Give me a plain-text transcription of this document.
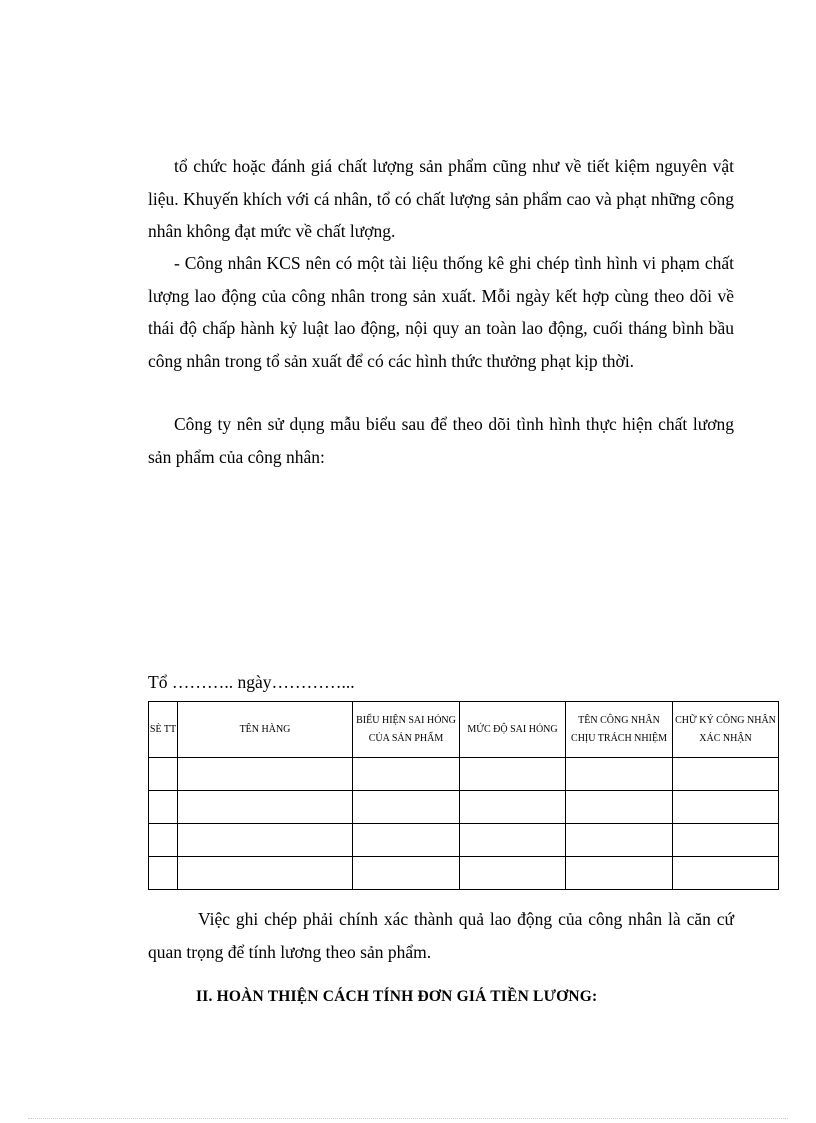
tổ chức hoặc đánh giá chất lượng sản phẩm cũng như về tiết kiệm nguyên vật liệu. Khuyến khích với cá nhân, tổ có chất lượng sản phẩm cao và phạt những công nhân không đạt mức về chất lượng.

- Công nhân KCS nên có một tài liệu thống kê ghi chép tình hình vi phạm chất lượng lao động của công nhân trong sản xuất. Mỗi ngày kết hợp cùng theo dõi về thái độ chấp hành kỷ luật lao động, nội quy an toàn lao động, cuối tháng bình bầu công nhân trong tổ sản xuất để có các hình thức thưởng phạt kịp thời.

Công ty nên sử dụng mẫu biểu sau để theo dõi tình hình thực hiện chất lương sản phẩm của công nhân:

Tổ ……….. ngày…………...

SÈ TT	TÊN HÀNG	BIỂU HIỆN SAI HỎNG CỦA SẢN PHẨM	MỨC ĐỘ SAI HỎNG	TÊN CÔNG NHÂN CHỊU TRÁCH NHIỆM	CHỮ KÝ CÔNG NHÂN XÁC NHẬN

Việc ghi chép phải chính xác thành quả lao động của công nhân là căn cứ quan trọng để tính lương theo sản phẩm.

II. HOÀN THIỆN CÁCH TÍNH ĐƠN GIÁ TIỀN LƯƠNG:
